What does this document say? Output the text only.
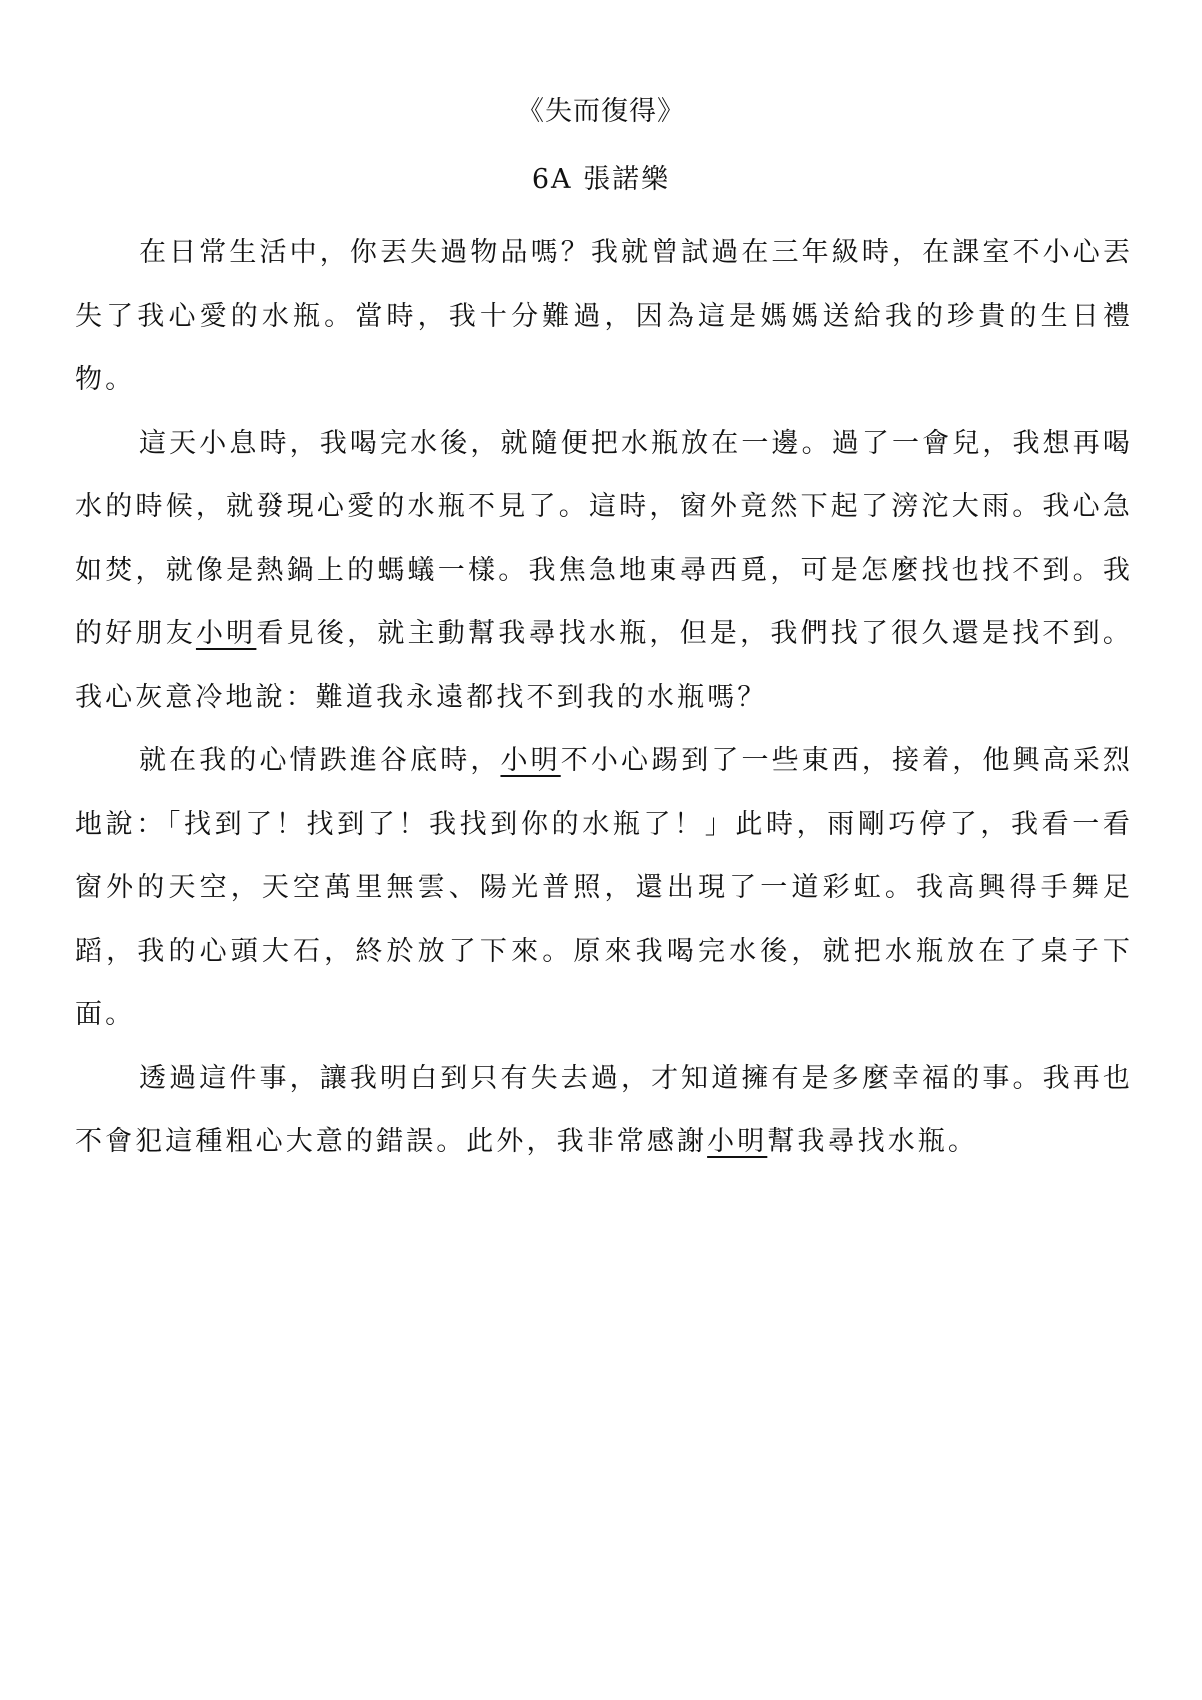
《失而復得》
6A 張諾樂

在日常生活中，你丟失過物品嗎？我就曾試過在三年級時，在課室不小心丟失了我心愛的水瓶。當時，我十分難過，因為這是媽媽送給我的珍貴的生日禮物。

這天小息時，我喝完水後，就隨便把水瓶放在一邊。過了一會兒，我想再喝水的時候，就發現心愛的水瓶不見了。這時，窗外竟然下起了滂沱大雨。我心急如焚，就像是熱鍋上的螞蟻一樣。我焦急地東尋西覓，可是怎麼找也找不到。我的好朋友小明看見後，就主動幫我尋找水瓶，但是，我們找了很久還是找不到。我心灰意冷地說：難道我永遠都找不到我的水瓶嗎？

就在我的心情跌進谷底時，小明不小心踢到了一些東西，接着，他興高采烈地說：「找到了！找到了！我找到你的水瓶了！」此時，雨剛巧停了，我看一看窗外的天空，天空萬里無雲、陽光普照，還出現了一道彩虹。我高興得手舞足蹈，我的心頭大石，終於放了下來。原來我喝完水後，就把水瓶放在了桌子下面。

透過這件事，讓我明白到只有失去過，才知道擁有是多麼幸福的事。我再也不會犯這種粗心大意的錯誤。此外，我非常感謝小明幫我尋找水瓶。
